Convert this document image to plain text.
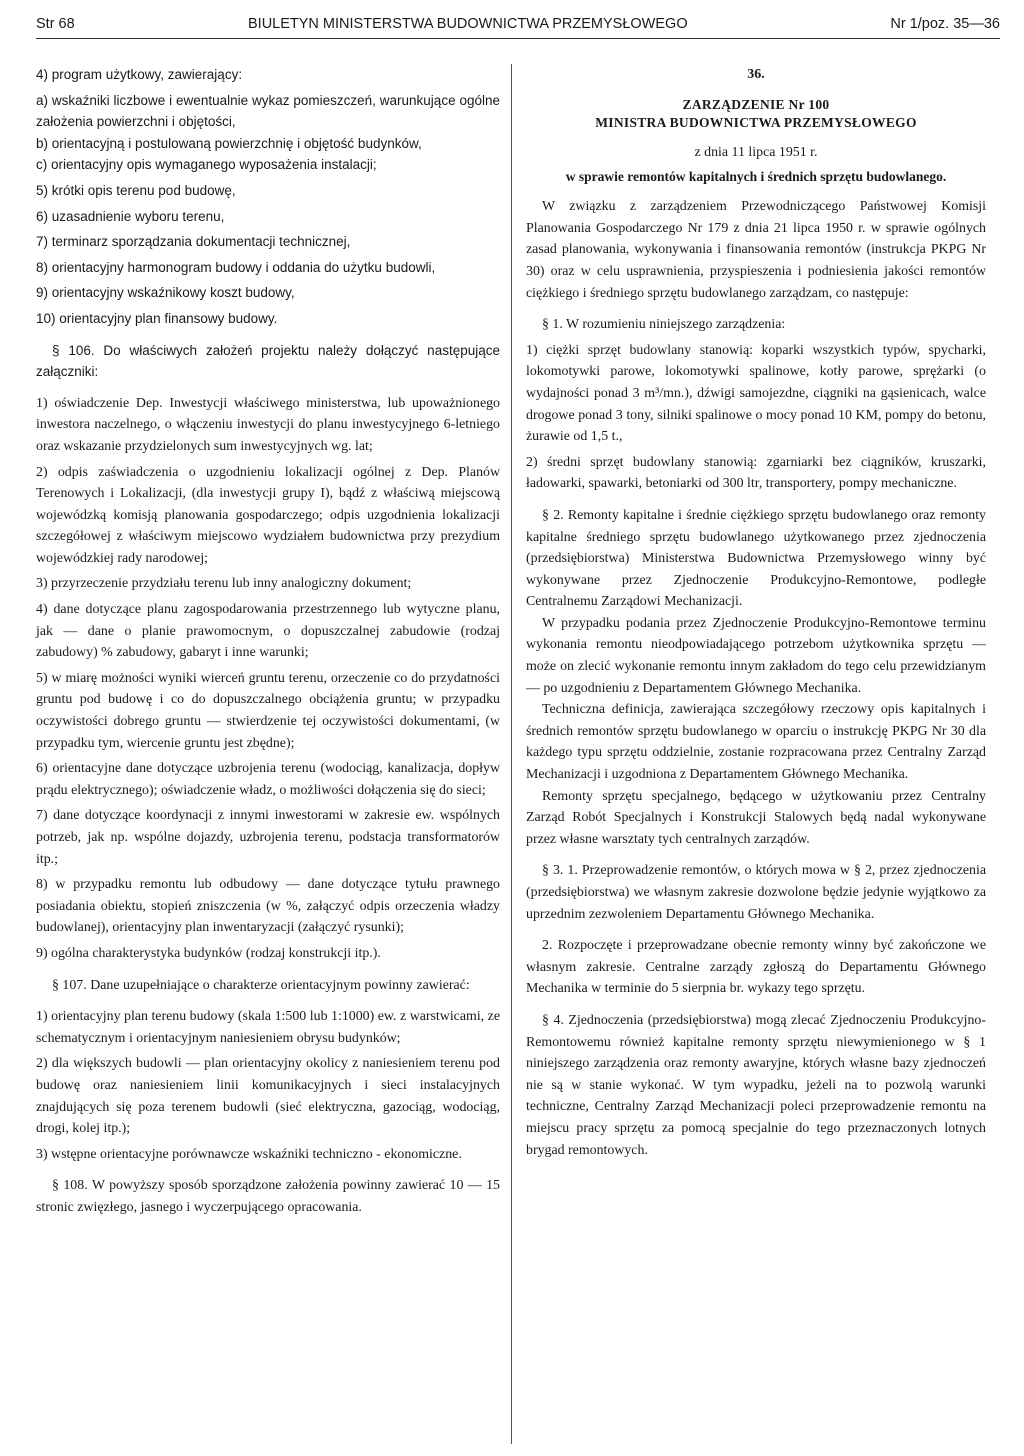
Str 68	BIULETYN MINISTERSTWA BUDOWNICTWA PRZEMYSŁOWEGO	Nr 1/poz. 35—36

4) program użytkowy, zawierający:

a) wskaźniki liczbowe i ewentualnie wykaz pomieszczeń, warunkujące ogólne założenia powierzchni i objętości,

b) orientacyjną i postulowaną powierzchnię i objętość budynków,

c) orientacyjny opis wymaganego wyposażenia instalacji;

5) krótki opis terenu pod budowę,

6) uzasadnienie wyboru terenu,

7) terminarz sporządzania dokumentacji technicznej,

8) orientacyjny harmonogram budowy i oddania do użytku budowli,

9) orientacyjny wskaźnikowy koszt budowy,

10) orientacyjny plan finansowy budowy.

§ 106. Do właściwych założeń projektu należy dołączyć następujące załączniki:

1) oświadczenie Dep. Inwestycji właściwego ministerstwa, lub upoważnionego inwestora naczelnego, o włączeniu inwestycji do planu inwestycyjnego 6-letniego oraz wskazanie przydzielonych sum inwestycyjnych wg. lat;

2) odpis zaświadczenia o uzgodnieniu lokalizacji ogólnej z Dep. Planów Terenowych i Lokalizacji, (dla inwestycji grupy I), bądź z właściwą miejscową wojewódzką komisją planowania gospodarczego; odpis uzgodnienia lokalizacji szczegółowej z właściwym miejscowo wydziałem budownictwa przy prezydium wojewódzkiej rady narodowej;

3) przyrzeczenie przydziału terenu lub inny analogiczny dokument;

4) dane dotyczące planu zagospodarowania przestrzennego lub wytyczne planu, jak — dane o planie prawomocnym, o dopuszczalnej zabudowie (rodzaj zabudowy) % zabudowy, gabaryt i inne warunki;

5) w miarę możności wyniki wierceń gruntu terenu, orzeczenie co do przydatności gruntu pod budowę i co do dopuszczalnego obciążenia gruntu; w przypadku oczywistości dobrego gruntu — stwierdzenie tej oczywistości dokumentami, (w przypadku tym, wiercenie gruntu jest zbędne);

6) orientacyjne dane dotyczące uzbrojenia terenu (wodociąg, kanalizacja, dopływ prądu elektrycznego); oświadczenie władz, o możliwości dołączenia się do sieci;

7) dane dotyczące koordynacji z innymi inwestorami w zakresie ew. wspólnych potrzeb, jak np. wspólne dojazdy, uzbrojenia terenu, podstacja transformatorów itp.;

8) w przypadku remontu lub odbudowy — dane dotyczące tytułu prawnego posiadania obiektu, stopień zniszczenia (w %, załączyć odpis orzeczenia władzy budowlanej), orientacyjny plan inwentaryzacji (załączyć rysunki);

9) ogólna charakterystyka budynków (rodzaj konstrukcji itp.).

§ 107. Dane uzupełniające o charakterze orientacyjnym powinny zawierać:

1) orientacyjny plan terenu budowy (skala 1:500 lub 1:1000) ew. z warstwicami, ze schematycznym i orientacyjnym naniesieniem obrysu budynków;

2) dla większych budowli — plan orientacyjny okolicy z naniesieniem terenu pod budowę oraz naniesieniem linii komunikacyjnych i sieci instalacyjnych znajdujących się poza terenem budowli (sieć elektryczna, gazociąg, wodociąg, drogi, kolej itp.);

3) wstępne orientacyjne porównawcze wskaźniki techniczno - ekonomiczne.

§ 108. W powyższy sposób sporządzone założenia powinny zawierać 10 — 15 stronic zwięzłego, jasnego i wyczerpującego opracowania.

36.

ZARZĄDZENIE Nr 100

MINISTRA BUDOWNICTWA PRZEMYSŁOWEGO

z dnia 11 lipca 1951 r.

w sprawie remontów kapitalnych i średnich sprzętu budowlanego.

W związku z zarządzeniem Przewodniczącego Państwowej Komisji Planowania Gospodarczego Nr 179 z dnia 21 lipca 1950 r. w sprawie ogólnych zasad planowania, wykonywania i finansowania remontów (instrukcja PKPG Nr 30) oraz w celu usprawnienia, przyspieszenia i podniesienia jakości remontów ciężkiego i średniego sprzętu budowlanego zarządzam, co następuje:

§ 1. W rozumieniu niniejszego zarządzenia:

1) ciężki sprzęt budowlany stanowią: koparki wszystkich typów, spycharki, lokomotywki parowe, lokomotywki spalinowe, kotły parowe, sprężarki (o wydajności ponad 3 m³/mn.), dźwigi samojezdne, ciągniki na gąsienicach, walce drogowe ponad 3 tony, silniki spalinowe o mocy ponad 10 KM, pompy do betonu, żurawie od 1,5 t.,

2) średni sprzęt budowlany stanowią: zgarniarki bez ciągników, kruszarki, ładowarki, spawarki, betoniarki od 300 ltr, transportery, pompy mechaniczne.

§ 2. Remonty kapitalne i średnie ciężkiego sprzętu budowlanego oraz remonty kapitalne średniego sprzętu budowlanego użytkowanego przez zjednoczenia (przedsiębiorstwa) Ministerstwa Budownictwa Przemysłowego winny być wykonywane przez Zjednoczenie Produkcyjno-Remontowe, podległe Centralnemu Zarządowi Mechanizacji.

W przypadku podania przez Zjednoczenie Produkcyjno-Remontowe terminu wykonania remontu nieodpowiadającego potrzebom użytkownika sprzętu — może on zlecić wykonanie remontu innym zakładom do tego celu przewidzianym — po uzgodnieniu z Departamentem Głównego Mechanika.

Techniczna definicja, zawierająca szczegółowy rzeczowy opis kapitalnych i średnich remontów sprzętu budowlanego w oparciu o instrukcję PKPG Nr 30 dla każdego typu sprzętu oddzielnie, zostanie rozpracowana przez Centralny Zarząd Mechanizacji i uzgodniona z Departamentem Głównego Mechanika.

Remonty sprzętu specjalnego, będącego w użytkowaniu przez Centralny Zarząd Robót Specjalnych i Konstrukcji Stalowych będą nadal wykonywane przez własne warsztaty tych centralnych zarządów.

§ 3. 1. Przeprowadzenie remontów, o których mowa w § 2, przez zjednoczenia (przedsiębiorstwa) we własnym zakresie dozwolone będzie jedynie wyjątkowo za uprzednim zezwoleniem Departamentu Głównego Mechanika.

2. Rozpoczęte i przeprowadzane obecnie remonty winny być zakończone we własnym zakresie. Centralne zarządy zgłoszą do Departamentu Głównego Mechanika w terminie do 5 sierpnia br. wykazy tego sprzętu.

§ 4. Zjednoczenia (przedsiębiorstwa) mogą zlecać Zjednoczeniu Produkcyjno-Remontowemu również kapitalne remonty sprzętu niewymienionego w § 1 niniejszego zarządzenia oraz remonty awaryjne, których własne bazy zjednoczeń nie są w stanie wykonać. W tym wypadku, jeżeli na to pozwolą warunki techniczne, Centralny Zarząd Mechanizacji poleci przeprowadzenie remontu na miejscu pracy sprzętu za pomocą specjalnie do tego przeznaczonych lotnych brygad remontowych.
